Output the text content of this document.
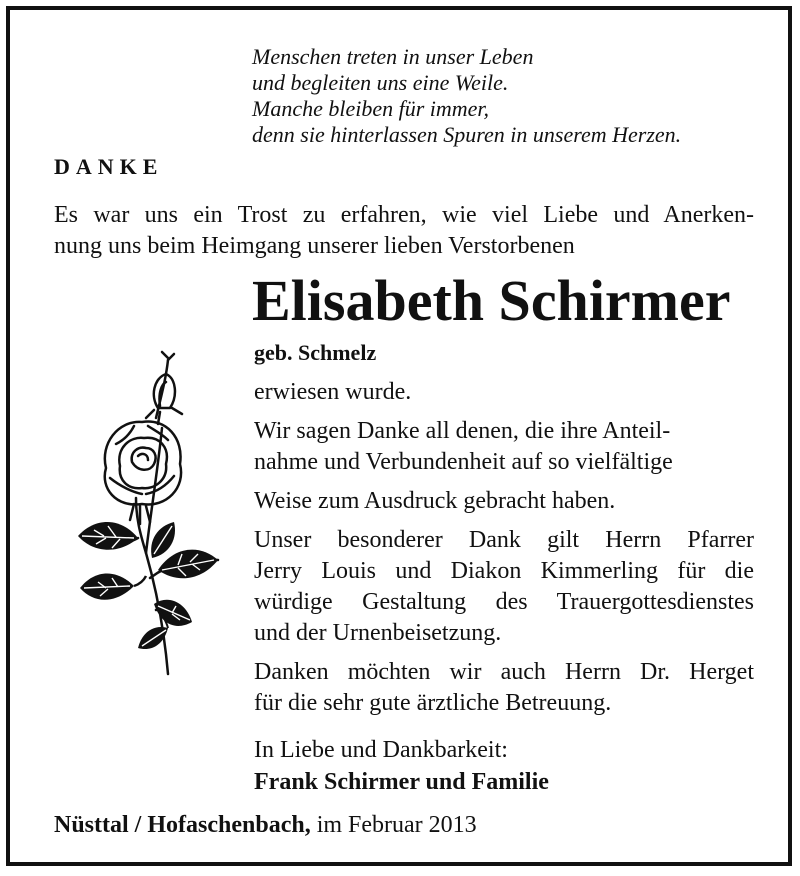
Menschen treten in unser Leben
und begleiten uns eine Weile.
Manche bleiben für immer,
denn sie hinterlassen Spuren in unserem Herzen.
DANKE
Es war uns ein Trost zu erfahren, wie viel Liebe und Anerken-
nung uns beim Heimgang unserer lieben Verstorbenen
Elisabeth Schirmer
geb. Schmelz

erwiesen wurde.

Wir sagen Danke all denen, die ihre Anteil-
nahme und Verbundenheit auf so vielfältige

Weise zum Ausdruck gebracht haben.
Unser besonderer Dank gilt Herrn Pfarrer
Jerry Louis und Diakon Kimmerling für die
würdige Gestaltung des Trauergottesdienstes
und der Urnenbeisetzung.
Danken möchten wir auch Herrn Dr. Herget
für die sehr gute ärztliche Betreuung.
In Liebe und Dankbarkeit:
Frank Schirmer und Familie
Nüsttal / Hofaschenbach, im Februar 2013
